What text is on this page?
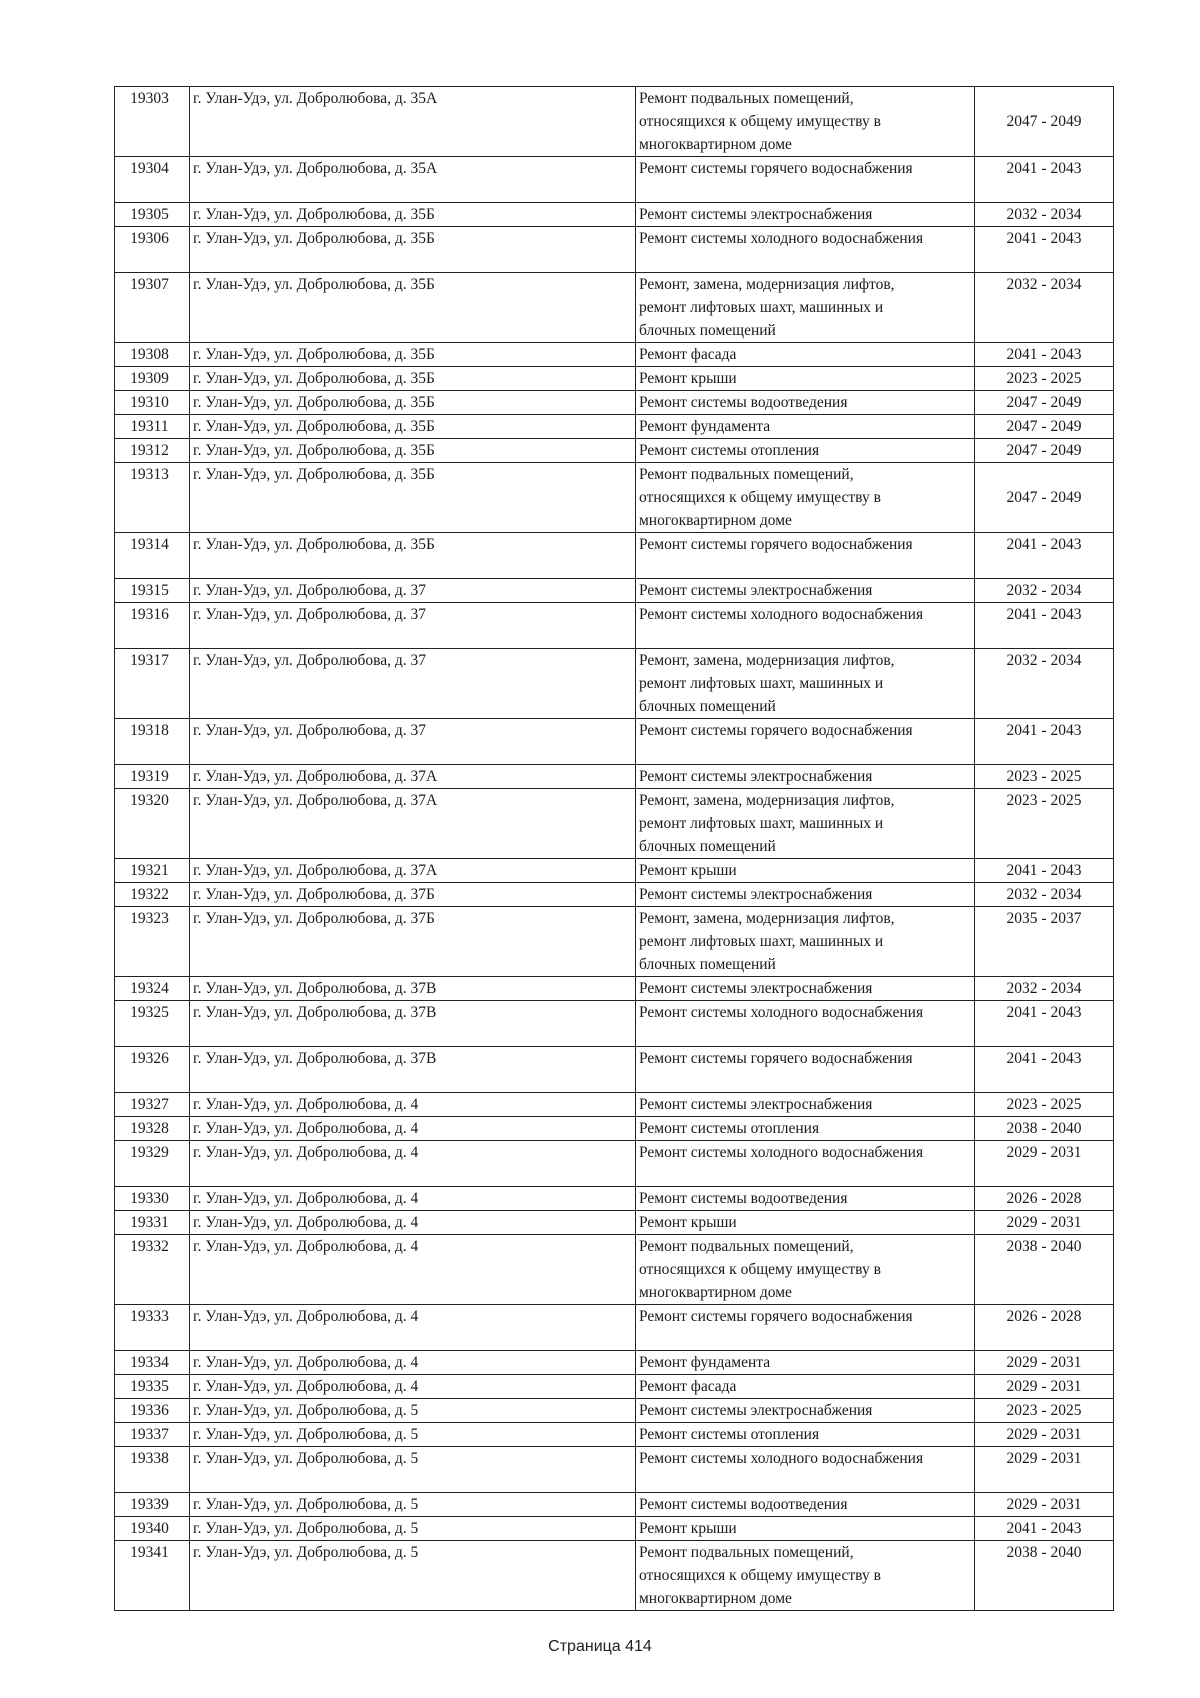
19303	г. Улан-Удэ, ул. Добролюбова, д. 35А	Ремонт подвальных помещений,
относящихся к общему имуществу в
многоквартирном доме	2047 - 2049
19304	г. Улан-Удэ, ул. Добролюбова, д. 35А	Ремонт системы горячего водоснабжения	2041 - 2043
19305	г. Улан-Удэ, ул. Добролюбова, д. 35Б	Ремонт системы электроснабжения	2032 - 2034
19306	г. Улан-Удэ, ул. Добролюбова, д. 35Б	Ремонт системы холодного водоснабжения	2041 - 2043
19307	г. Улан-Удэ, ул. Добролюбова, д. 35Б	Ремонт, замена, модернизация лифтов,
ремонт лифтовых шахт, машинных и
блочных помещений	2032 - 2034
19308	г. Улан-Удэ, ул. Добролюбова, д. 35Б	Ремонт фасада	2041 - 2043
19309	г. Улан-Удэ, ул. Добролюбова, д. 35Б	Ремонт крыши	2023 - 2025
19310	г. Улан-Удэ, ул. Добролюбова, д. 35Б	Ремонт системы водоотведения	2047 - 2049
19311	г. Улан-Удэ, ул. Добролюбова, д. 35Б	Ремонт фундамента	2047 - 2049
19312	г. Улан-Удэ, ул. Добролюбова, д. 35Б	Ремонт системы отопления	2047 - 2049
19313	г. Улан-Удэ, ул. Добролюбова, д. 35Б	Ремонт подвальных помещений,
относящихся к общему имуществу в
многоквартирном доме	2047 - 2049
19314	г. Улан-Удэ, ул. Добролюбова, д. 35Б	Ремонт системы горячего водоснабжения	2041 - 2043
19315	г. Улан-Удэ, ул. Добролюбова, д. 37	Ремонт системы электроснабжения	2032 - 2034
19316	г. Улан-Удэ, ул. Добролюбова, д. 37	Ремонт системы холодного водоснабжения	2041 - 2043
19317	г. Улан-Удэ, ул. Добролюбова, д. 37	Ремонт, замена, модернизация лифтов,
ремонт лифтовых шахт, машинных и
блочных помещений	2032 - 2034
19318	г. Улан-Удэ, ул. Добролюбова, д. 37	Ремонт системы горячего водоснабжения	2041 - 2043
19319	г. Улан-Удэ, ул. Добролюбова, д. 37А	Ремонт системы электроснабжения	2023 - 2025
19320	г. Улан-Удэ, ул. Добролюбова, д. 37А	Ремонт, замена, модернизация лифтов,
ремонт лифтовых шахт, машинных и
блочных помещений	2023 - 2025
19321	г. Улан-Удэ, ул. Добролюбова, д. 37А	Ремонт крыши	2041 - 2043
19322	г. Улан-Удэ, ул. Добролюбова, д. 37Б	Ремонт системы электроснабжения	2032 - 2034
19323	г. Улан-Удэ, ул. Добролюбова, д. 37Б	Ремонт, замена, модернизация лифтов,
ремонт лифтовых шахт, машинных и
блочных помещений	2035 - 2037
19324	г. Улан-Удэ, ул. Добролюбова, д. 37В	Ремонт системы электроснабжения	2032 - 2034
19325	г. Улан-Удэ, ул. Добролюбова, д. 37В	Ремонт системы холодного водоснабжения	2041 - 2043
19326	г. Улан-Удэ, ул. Добролюбова, д. 37В	Ремонт системы горячего водоснабжения	2041 - 2043
19327	г. Улан-Удэ, ул. Добролюбова, д. 4	Ремонт системы электроснабжения	2023 - 2025
19328	г. Улан-Удэ, ул. Добролюбова, д. 4	Ремонт системы отопления	2038 - 2040
19329	г. Улан-Удэ, ул. Добролюбова, д. 4	Ремонт системы холодного водоснабжения	2029 - 2031
19330	г. Улан-Удэ, ул. Добролюбова, д. 4	Ремонт системы водоотведения	2026 - 2028
19331	г. Улан-Удэ, ул. Добролюбова, д. 4	Ремонт крыши	2029 - 2031
19332	г. Улан-Удэ, ул. Добролюбова, д. 4	Ремонт подвальных помещений,
относящихся к общему имуществу в
многоквартирном доме	2038 - 2040
19333	г. Улан-Удэ, ул. Добролюбова, д. 4	Ремонт системы горячего водоснабжения	2026 - 2028
19334	г. Улан-Удэ, ул. Добролюбова, д. 4	Ремонт фундамента	2029 - 2031
19335	г. Улан-Удэ, ул. Добролюбова, д. 4	Ремонт фасада	2029 - 2031
19336	г. Улан-Удэ, ул. Добролюбова, д. 5	Ремонт системы электроснабжения	2023 - 2025
19337	г. Улан-Удэ, ул. Добролюбова, д. 5	Ремонт системы отопления	2029 - 2031
19338	г. Улан-Удэ, ул. Добролюбова, д. 5	Ремонт системы холодного водоснабжения	2029 - 2031
19339	г. Улан-Удэ, ул. Добролюбова, д. 5	Ремонт системы водоотведения	2029 - 2031
19340	г. Улан-Удэ, ул. Добролюбова, д. 5	Ремонт крыши	2041 - 2043
19341	г. Улан-Удэ, ул. Добролюбова, д. 5	Ремонт подвальных помещений,
относящихся к общему имуществу в
многоквартирном доме	2038 - 2040
Страница 414
